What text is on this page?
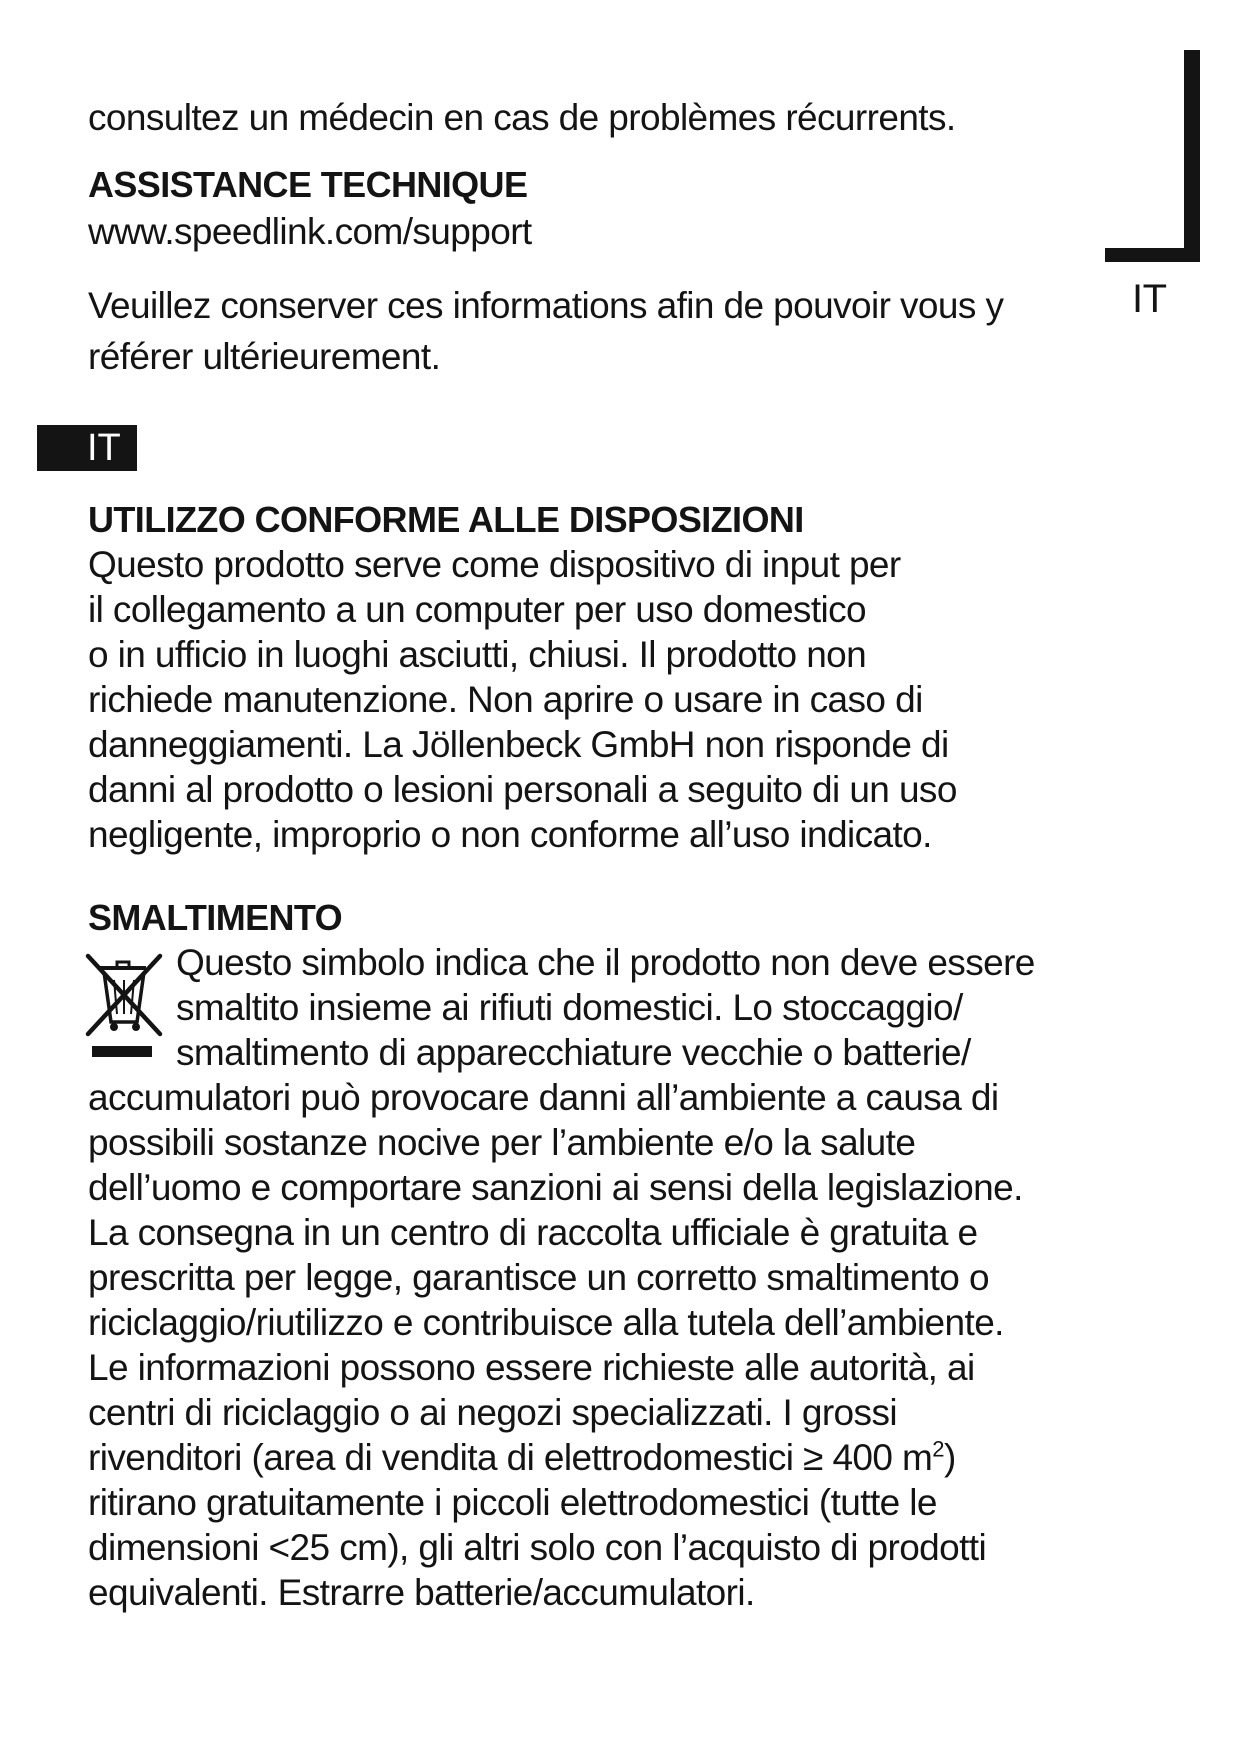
IT
consultez un médecin en cas de problèmes récurrents.
ASSISTANCE TECHNIQUE
www.speedlink.com/support
Veuillez conserver ces informations afin de pouvoir vous y
référer ultérieurement.
IT
UTILIZZO CONFORME ALLE DISPOSIZIONI
Questo prodotto serve come dispositivo di input per
il collegamento a un computer per uso domestico
o in ufficio in luoghi asciutti, chiusi. Il prodotto non
richiede manutenzione. Non aprire o usare in caso di
danneggiamenti. La Jöllenbeck GmbH non risponde di
danni al prodotto o lesioni personali a seguito di un uso
negligente, improprio o non conforme all’uso indicato.
SMALTIMENTO
Questo simbolo indica che il prodotto non deve essere
smaltito insieme ai rifiuti domestici. Lo stoccaggio/
smaltimento di apparecchiature vecchie o batterie/
accumulatori può provocare danni all’ambiente a causa di
possibili sostanze nocive per l’ambiente e/o la salute
dell’uomo e comportare sanzioni ai sensi della legislazione.
La consegna in un centro di raccolta ufficiale è gratuita e
prescritta per legge, garantisce un corretto smaltimento o
riciclaggio/riutilizzo e contribuisce alla tutela dell’ambiente.
Le informazioni possono essere richieste alle autorità, ai
centri di riciclaggio o ai negozi specializzati. I grossi
rivenditori (area di vendita di elettrodomestici ≥ 400 $m^2$)
ritirano gratuitamente i piccoli elettrodomestici (tutte le
dimensioni <25 cm), gli altri solo con l’acquisto di prodotti
equivalenti. Estrarre batterie/accumulatori.
